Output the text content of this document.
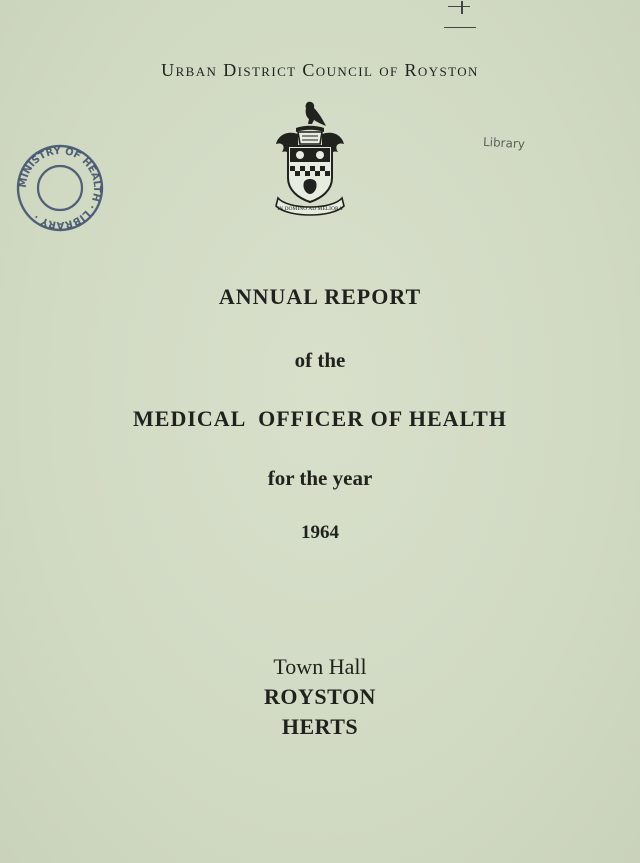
I
Urban District Council of Royston
Library
IN DOMINO AD MELIORA
MINISTRY OF HEALTH · LIBRARY ·
ANNUAL REPORT
of the
MEDICAL  OFFICER OF HEALTH
for the year
1964
Town Hall
ROYSTON
HERTS
